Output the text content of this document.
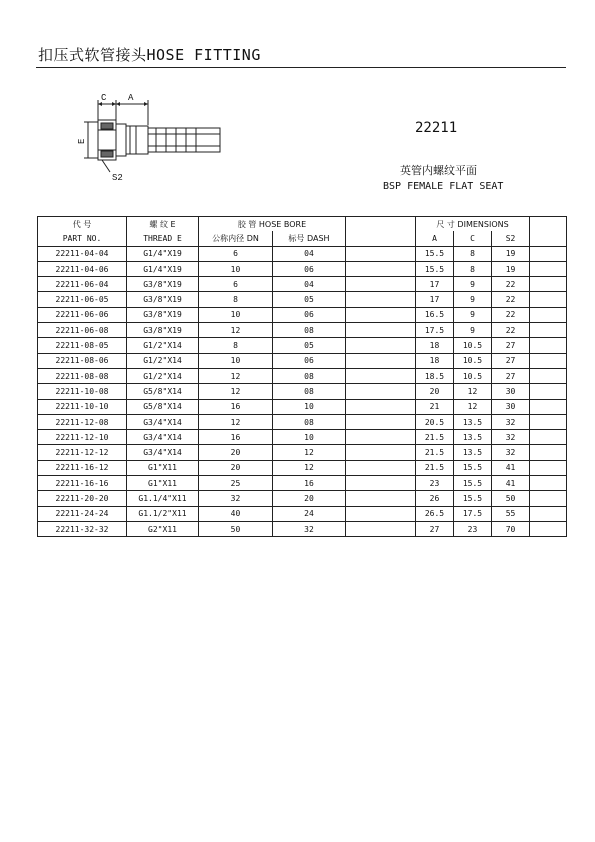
扣压式软管接头HOSE FITTING
C A
E
S2
22211
英管内螺纹平面
BSP FEMALE FLAT SEAT
代 号	螺 纹 E	胶 管 HOSE BORE			尺 寸 DIMENSIONS			
PART NO.	THREAD E	公称内径 DN	标号 DASH		A	C	S2	
22211-04-04	G1/4"X19	6	04		15.5	8	19	
22211-04-06	G1/4"X19	10	06		15.5	8	19	
22211-06-04	G3/8"X19	6	04		17	9	22	
22211-06-05	G3/8"X19	8	05		17	9	22	
22211-06-06	G3/8"X19	10	06		16.5	9	22	
22211-06-08	G3/8"X19	12	08		17.5	9	22	
22211-08-05	G1/2"X14	8	05		18	10.5	27	
22211-08-06	G1/2"X14	10	06		18	10.5	27	
22211-08-08	G1/2"X14	12	08		18.5	10.5	27	
22211-10-08	G5/8"X14	12	08		20	12	30	
22211-10-10	G5/8"X14	16	10		21	12	30	
22211-12-08	G3/4"X14	12	08		20.5	13.5	32	
22211-12-10	G3/4"X14	16	10		21.5	13.5	32	
22211-12-12	G3/4"X14	20	12		21.5	13.5	32	
22211-16-12	G1"X11	20	12		21.5	15.5	41	
22211-16-16	G1"X11	25	16		23	15.5	41	
22211-20-20	G1.1/4"X11	32	20		26	15.5	50	
22211-24-24	G1.1/2"X11	40	24		26.5	17.5	55	
22211-32-32	G2"X11	50	32		27	23	70	
